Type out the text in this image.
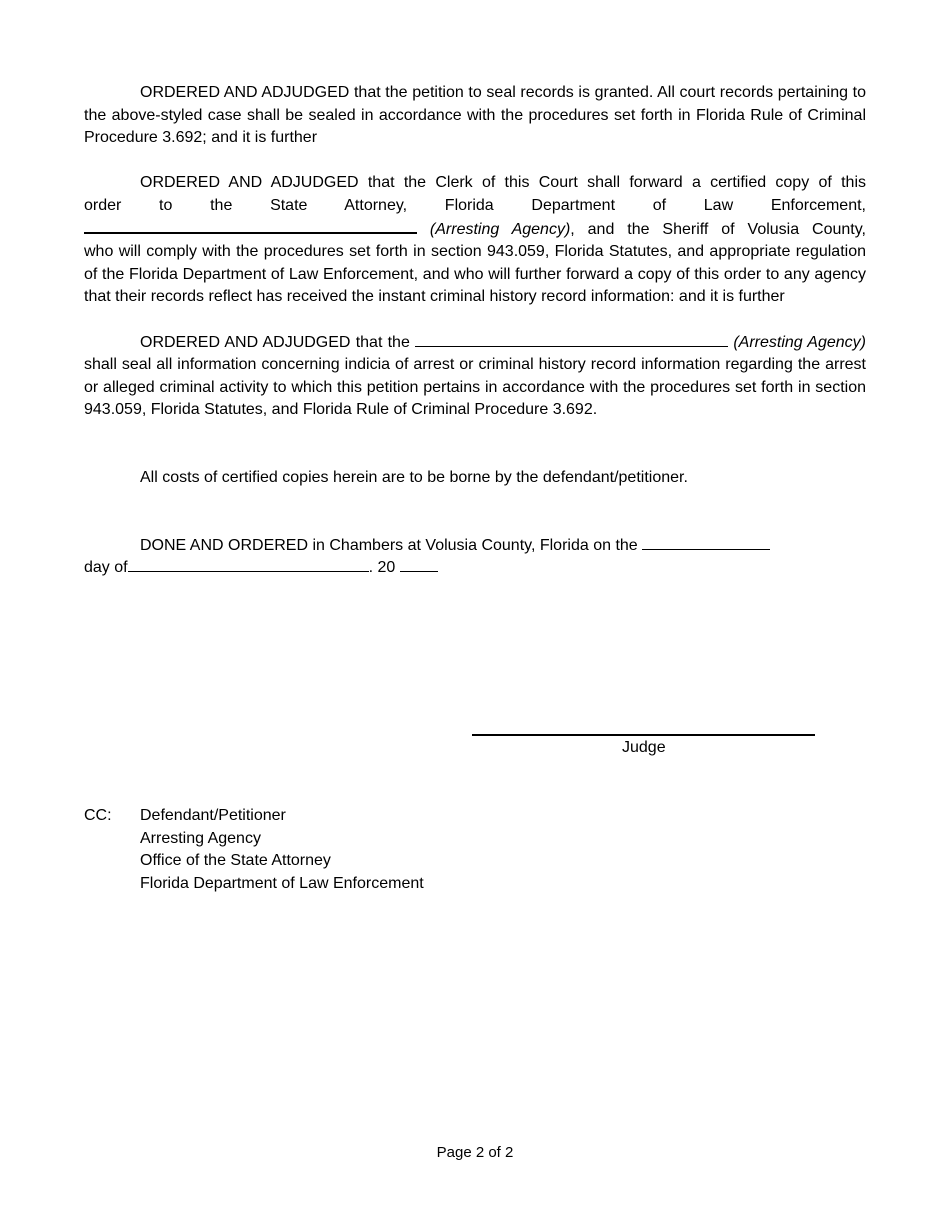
ORDERED AND ADJUDGED that the petition to seal records is granted. All court records pertaining to the above-styled case shall be sealed in accordance with the procedures set forth in Florida Rule of Criminal Procedure 3.692; and it is further

ORDERED AND ADJUDGED that the Clerk of this Court shall forward a certified copy of this

order to the State Attorney, Florida Department of Law Enforcement,

(Arresting Agency), and the Sheriff of Volusia County,

who will comply with the procedures set forth in section 943.059, Florida Statutes, and appropriate regulation of the Florida Department of Law Enforcement, and who will further forward a copy of this order to any agency that their records reflect has received the instant criminal history record information: and it is further

ORDERED AND ADJUDGED that the	(Arresting Agency) shall seal all information concerning indicia of arrest or criminal history record information regarding the arrest or alleged criminal activity to which this petition pertains in accordance with the procedures set forth in section 943.059, Florida Statutes, and Florida Rule of Criminal Procedure 3.692.

All costs of certified copies herein are to be borne by the defendant/petitioner.

DONE AND ORDERED in Chambers at Volusia County, Florida on the

day of	. 20

Judge
CC: Defendant/Petitioner
Arresting Agency
Office of the State Attorney
Florida Department of Law Enforcement
Page 2 of 2
